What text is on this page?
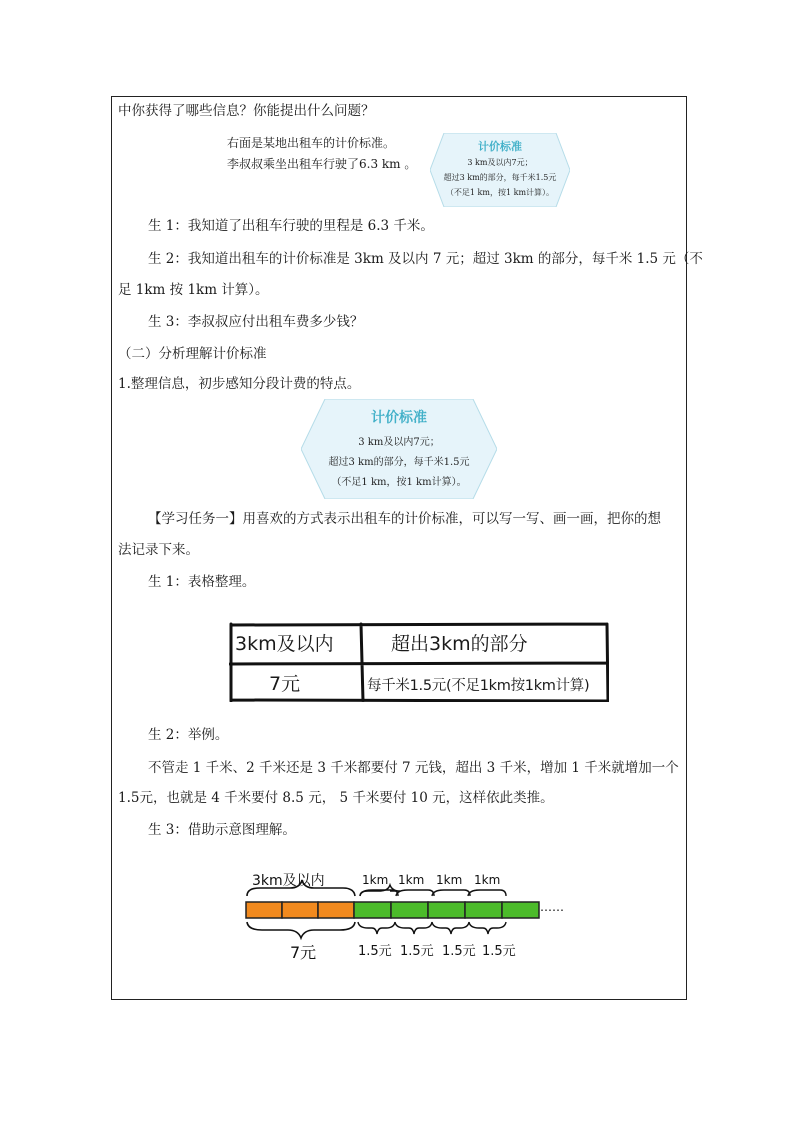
中你获得了哪些信息？你能提出什么问题？
右面是某地出租车的计价标准。
李叔叔乘坐出租车行驶了6.3 km 。
计价标准
3 km及以内7元；
超过3 km的部分，每千米1.5元
（不足1 km，按1 km计算）。
生 1：我知道了出租车行驶的里程是 6.3 千米。
生 2：我知道出租车的计价标准是 3km 及以内 7 元；超过 3km 的部分，每千米 1.5 元（不
足 1km 按 1km 计算）。
生 3：李叔叔应付出租车费多少钱？
（二）分析理解计价标准
1.整理信息，初步感知分段计费的特点。
计价标准
3 km及以内7元；
超过3 km的部分，每千米1.5元
（不足1 km，按1 km计算）。
【学习任务一】用喜欢的方式表示出租车的计价标准，可以写一写、画一画，把你的想
法记录下来。
生 1：表格整理。
3km及以内	超出3km的部分
7元	每千米1.5元(不足1km按1km计算)
生 2：举例。
不管走 1 千米、2 千米还是 3 千米都要付 7 元钱，超出 3 千米，增加 1 千米就增加一个
1.5元，也就是 4 千米要付 8.5 元， 5 千米要付 10 元，这样依此类推。
生 3：借助示意图理解。
3km及以内	1km 1km 1km 1km
……
7元	1.5元 1.5元 1.5元 1.5元
